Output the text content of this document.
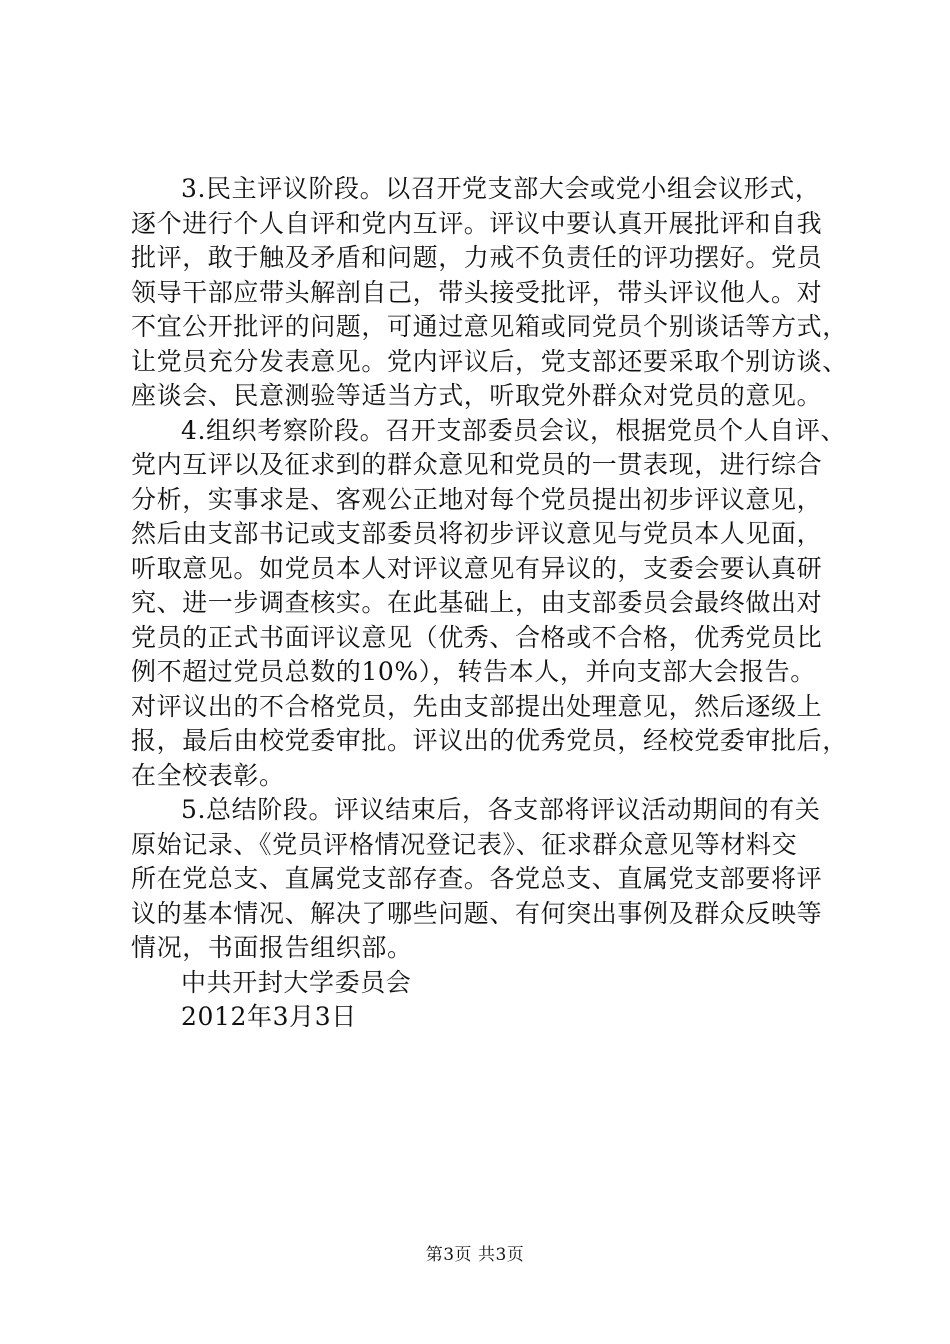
3.民主评议阶段。以召开党支部大会或党小组会议形式，
逐个进行个人自评和党内互评。评议中要认真开展批评和自我
批评，敢于触及矛盾和问题，力戒不负责任的评功摆好。党员
领导干部应带头解剖自己，带头接受批评，带头评议他人。对
不宜公开批评的问题，可通过意见箱或同党员个别谈话等方式，
让党员充分发表意见。党内评议后，党支部还要采取个别访谈、
座谈会、民意测验等适当方式，听取党外群众对党员的意见。
4.组织考察阶段。召开支部委员会议，根据党员个人自评、
党内互评以及征求到的群众意见和党员的一贯表现，进行综合
分析，实事求是、客观公正地对每个党员提出初步评议意见，
然后由支部书记或支部委员将初步评议意见与党员本人见面，
听取意见。如党员本人对评议意见有异议的，支委会要认真研
究、进一步调查核实。在此基础上，由支部委员会最终做出对
党员的正式书面评议意见（优秀、合格或不合格，优秀党员比
例不超过党员总数的10%），转告本人，并向支部大会报告。
对评议出的不合格党员，先由支部提出处理意见，然后逐级上
报，最后由校党委审批。评议出的优秀党员，经校党委审批后，
在全校表彰。
5.总结阶段。评议结束后，各支部将评议活动期间的有关
原始记录、《党员评格情况登记表》、征求群众意见等材料交
所在党总支、直属党支部存查。各党总支、直属党支部要将评
议的基本情况、解决了哪些问题、有何突出事例及群众反映等
情况，书面报告组织部。
中共开封大学委员会
2012年3月3日
第3页 共3页
